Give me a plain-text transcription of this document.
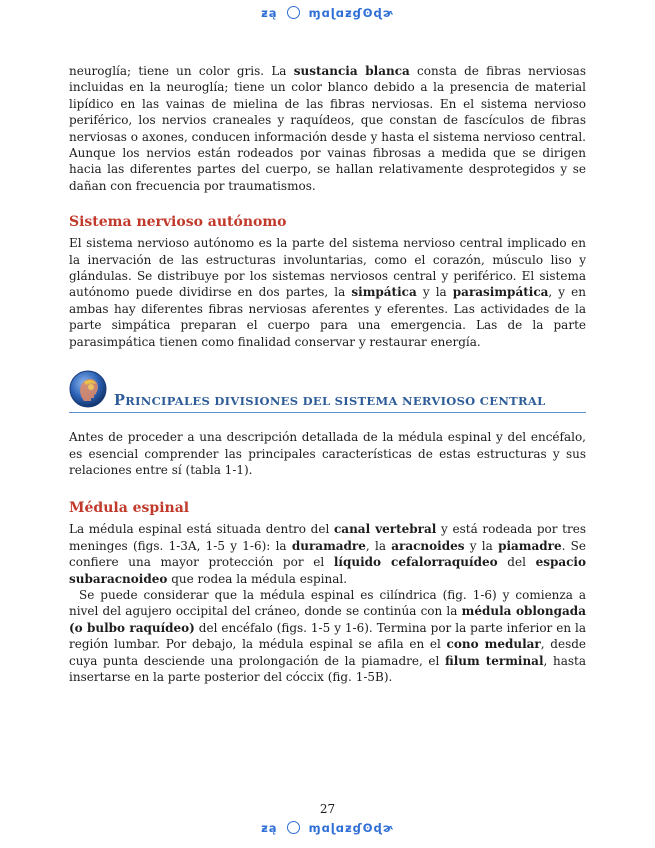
ƶą	ɱɑɭɑƶɠʘɖɚ

neuroglía; tiene un color gris. La sustancia blanca consta de fibras nerviosas incluidas en la neuroglía; tiene un color blanco debido a la presencia de material lipídico en las vainas de mielina de las fibras nerviosas. En el sistema nervioso periférico, los nervios craneales y raquídeos, que constan de fascículos de fibras nerviosas o axones, conducen información desde y hasta el sistema nervioso central. Aunque los nervios están rodeados por vainas fibrosas a medida que se dirigen hacia las diferentes partes del cuerpo, se hallan relativamente desprotegidos y se dañan con frecuencia por traumatismos.

Sistema nervioso autónomo

El sistema nervioso autónomo es la parte del sistema nervioso central implicado en la inervación de las estructuras involuntarias, como el corazón, músculo liso y glándulas. Se distribuye por los sistemas nerviosos central y periférico. El sistema autónomo puede dividirse en dos partes, la simpática y la parasimpática, y en ambas hay diferentes fibras nerviosas aferentes y eferentes. Las actividades de la parte simpática preparan el cuerpo para una emergencia. Las de la parte parasimpática tienen como finalidad conservar y restaurar energía.

PRINCIPALES DIVISIONES DEL SISTEMA NERVIOSO CENTRAL

Antes de proceder a una descripción detallada de la médula espinal y del encéfalo, es esencial comprender las principales características de estas estructuras y sus relaciones entre sí (tabla 1-1).

Médula espinal

La médula espinal está situada dentro del canal vertebral y está rodeada por tres meninges (figs. 1-3A, 1-5 y 1-6): la duramadre, la aracnoides y la piamadre. Se confiere una mayor protección por el líquido cefalorraquídeo del espacio subaracnoideo que rodea la médula espinal.

Se puede considerar que la médula espinal es cilíndrica (fig. 1-6) y comienza a nivel del agujero occipital del cráneo, donde se continúa con la médula oblongada (o bulbo raquídeo) del encéfalo (figs. 1-5 y 1-6). Termina por la parte inferior en la región lumbar. Por debajo, la médula espinal se afila en el cono medular, desde cuya punta desciende una prolongación de la piamadre, el filum terminal, hasta insertarse en la parte posterior del cóccix (fig. 1-5B).

27
ƶą	ɱɑɭɑƶɠʘɖɚ
